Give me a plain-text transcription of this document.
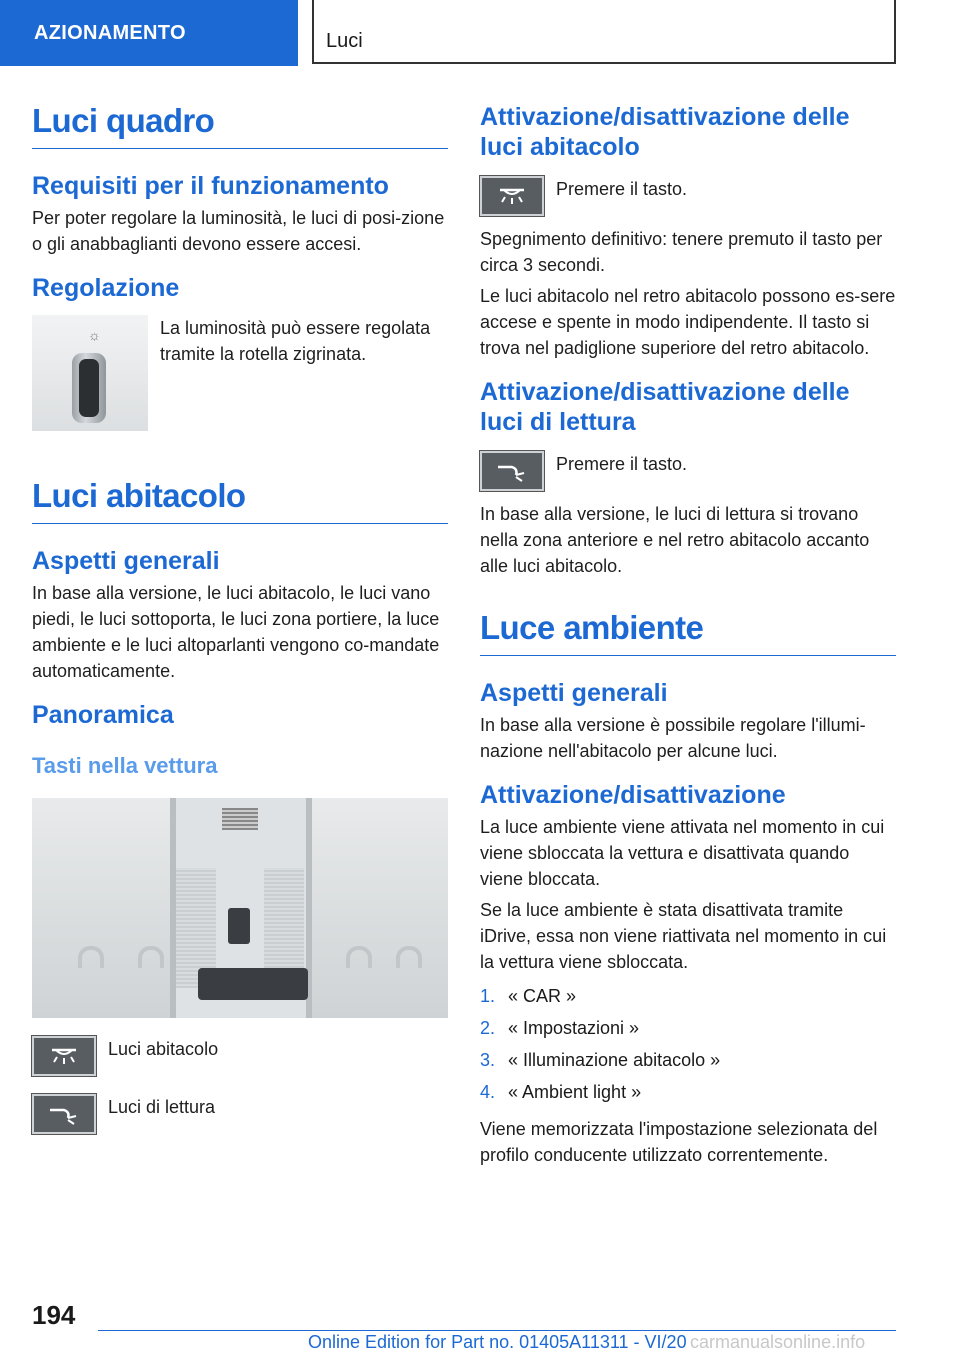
AZIONAMENTO	Luci
Luci quadro
Requisiti per il funzionamento
Per poter regolare la luminosità, le luci di posi-zione o gli anabbaglianti devono essere accesi.
Regolazione
☼	La luminosità può essere regolata tramite la rotella zigrinata.
Luci abitacolo
Aspetti generali
In base alla versione, le luci abitacolo, le luci vano piedi, le luci sottoporta, le luci zona portiere, la luce ambiente e le luci altoparlanti vengono co-mandate automaticamente.
Panoramica
Tasti nella vettura
Luci abitacolo
Luci di lettura
Attivazione/disattivazione delle luci abitacolo
Premere il tasto.
Spegnimento definitivo: tenere premuto il tasto per circa 3 secondi.
Le luci abitacolo nel retro abitacolo possono es-sere accese e spente in modo indipendente. Il tasto si trova nel padiglione superiore del retro abitacolo.
Attivazione/disattivazione delle luci di lettura
Premere il tasto.
In base alla versione, le luci di lettura si trovano nella zona anteriore e nel retro abitacolo accanto alle luci abitacolo.
Luce ambiente
Aspetti generali
In base alla versione è possibile regolare l'illumi-nazione nell'abitacolo per alcune luci.
Attivazione/disattivazione
La luce ambiente viene attivata nel momento in cui viene sbloccata la vettura e disattivata quando viene bloccata.
Se la luce ambiente è stata disattivata tramite iDrive, essa non viene riattivata nel momento in cui la vettura viene sbloccata.
1. « CAR »
2. « Impostazioni »
3. « Illuminazione abitacolo »
4. « Ambient light »
Viene memorizzata l'impostazione selezionata del profilo conducente utilizzato correntemente.
194
Online Edition for Part no. 01405A11311 - VI/20 carmanualsonline.info
